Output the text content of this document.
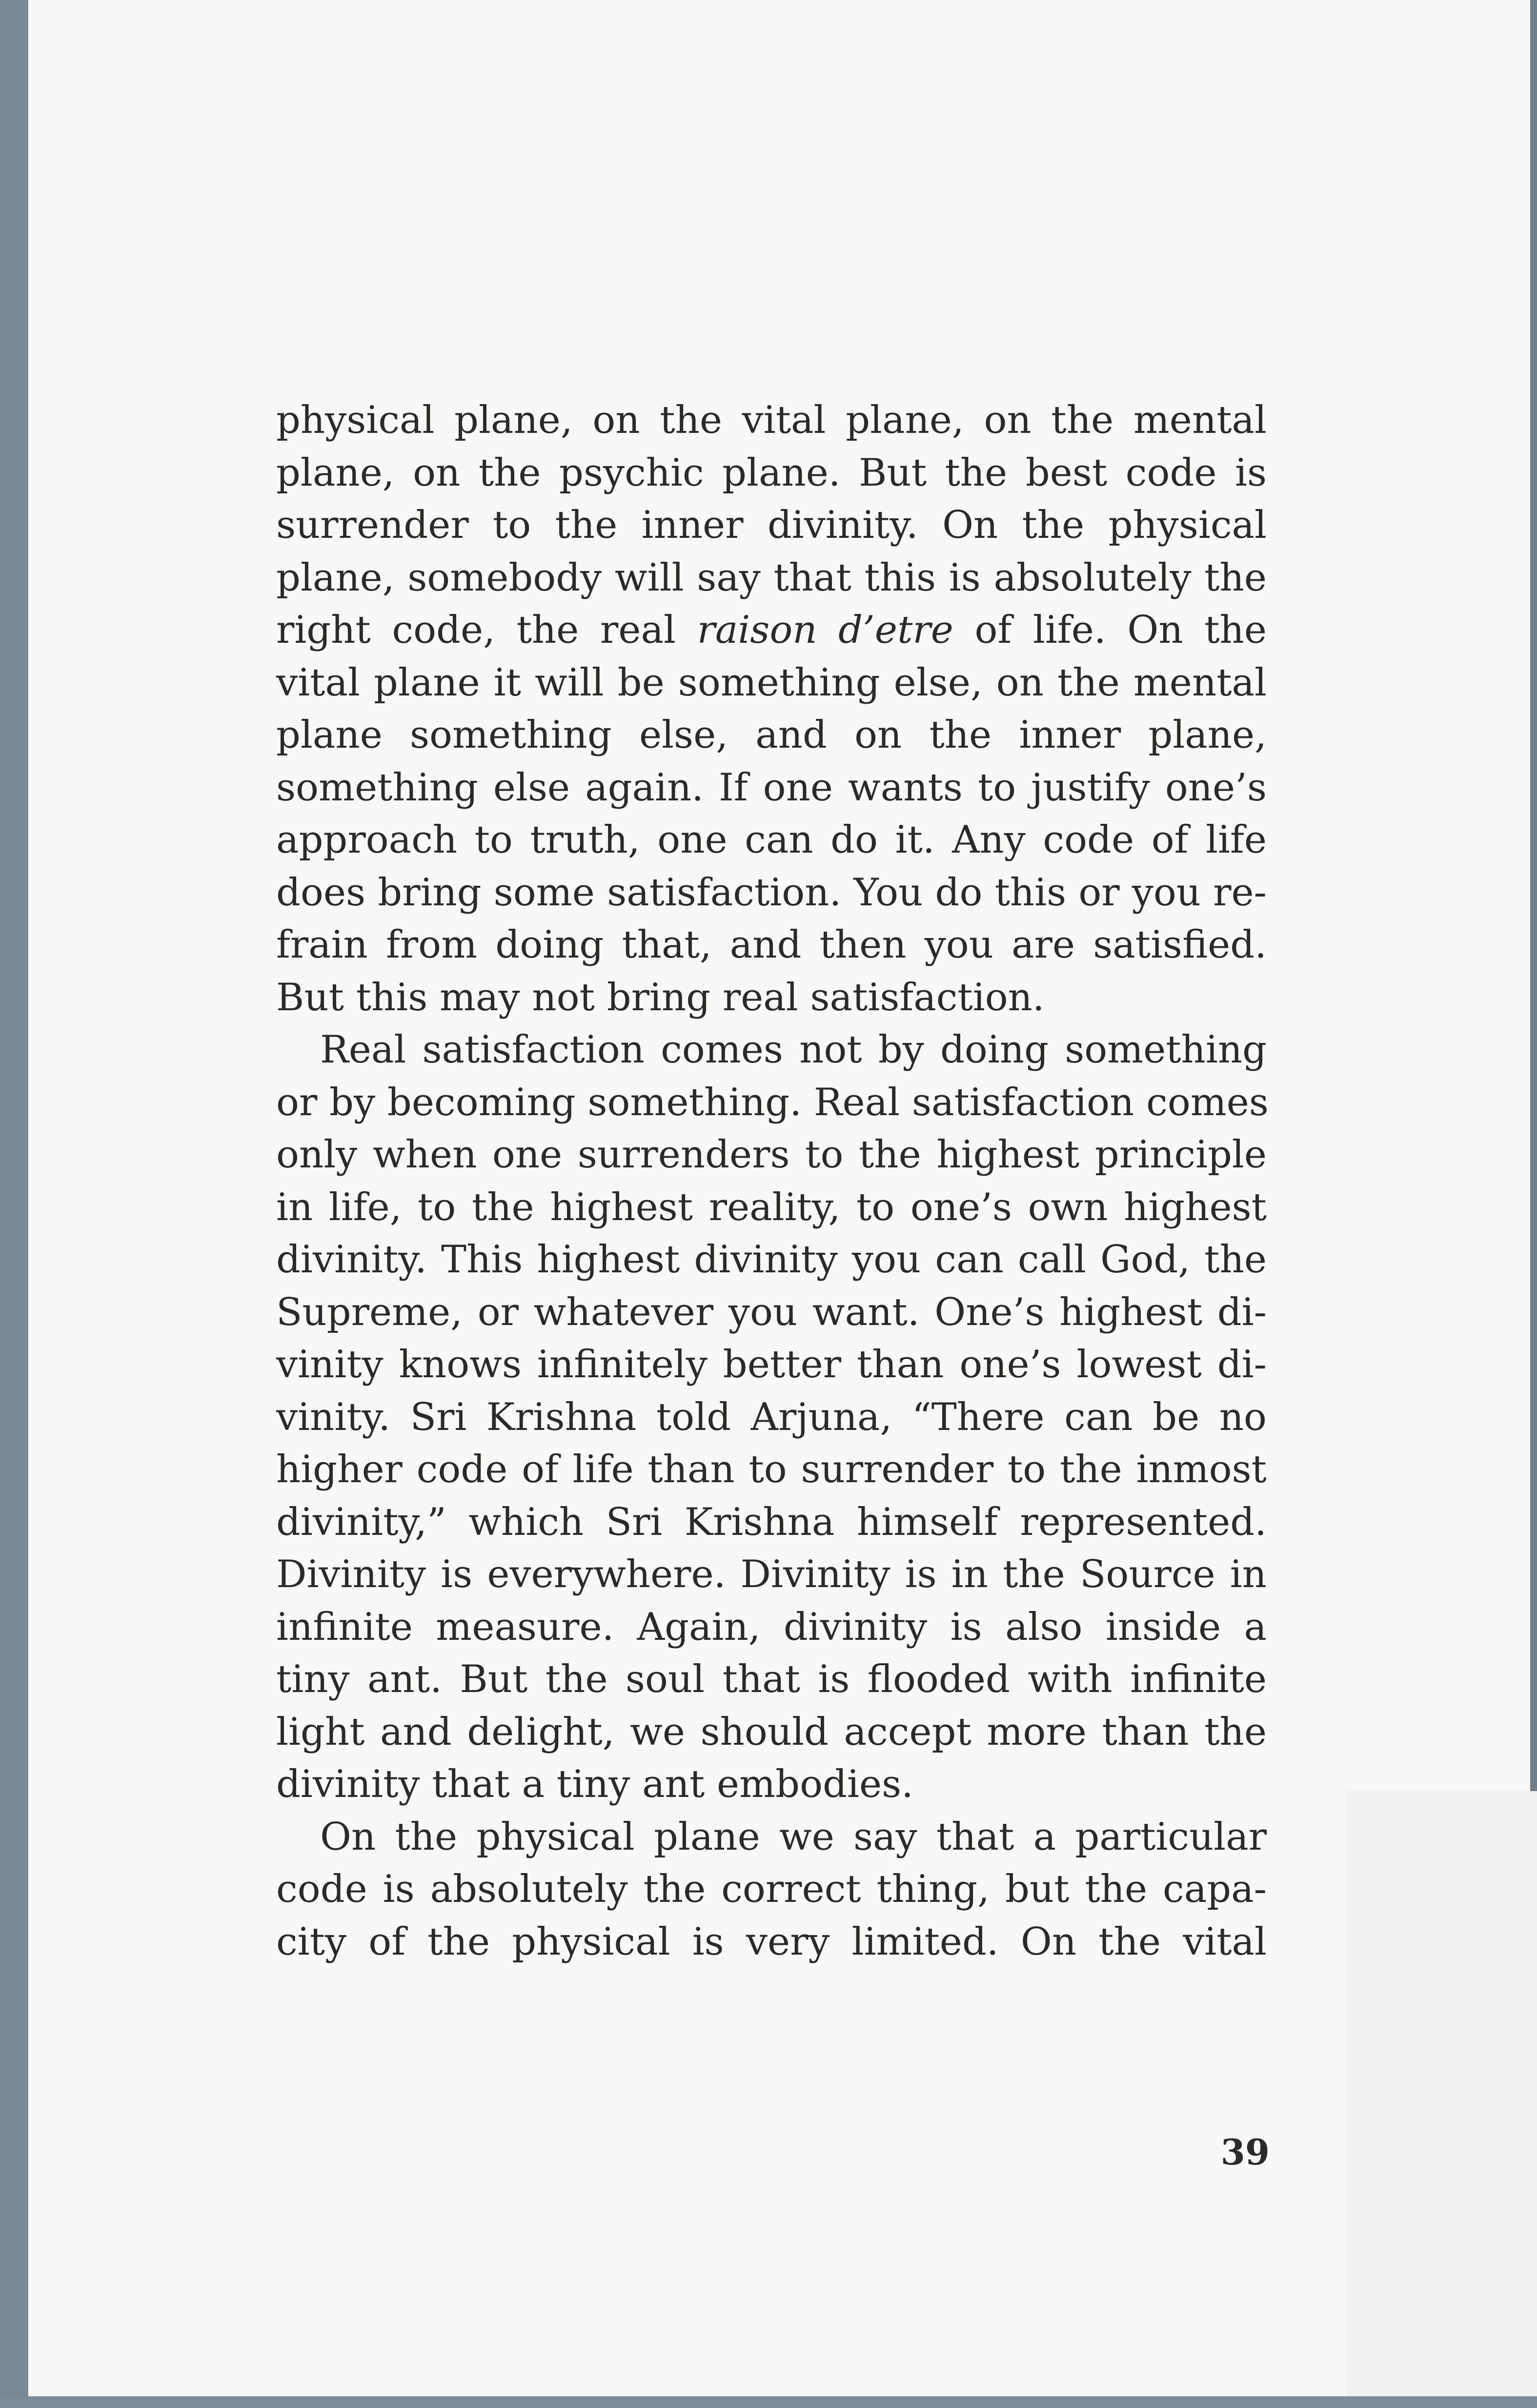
physical plane, on the vital plane, on the mental
plane, on the psychic plane. But the best code is
surrender to the inner divinity. On the physical
plane, somebody will say that this is absolutely the
right code, the real raison d’etre of life. On the
vital plane it will be something else, on the mental
plane something else, and on the inner plane,
something else again. If one wants to justify one’s
approach to truth, one can do it. Any code of life
does bring some satisfaction. You do this or you re-
frain from doing that, and then you are satisfied.
But this may not bring real satisfaction.
Real satisfaction comes not by doing something
or by becoming something. Real satisfaction comes
only when one surrenders to the highest principle
in life, to the highest reality, to one’s own highest
divinity. This highest divinity you can call God, the
Supreme, or whatever you want. One’s highest di-
vinity knows infinitely better than one’s lowest di-
vinity. Sri Krishna told Arjuna, “There can be no
higher code of life than to surrender to the inmost
divinity,” which Sri Krishna himself represented.
Divinity is everywhere. Divinity is in the Source in
infinite measure. Again, divinity is also inside a
tiny ant. But the soul that is flooded with infinite
light and delight, we should accept more than the
divinity that a tiny ant embodies.
On the physical plane we say that a particular
code is absolutely the correct thing, but the capa-
city of the physical is very limited. On the vital
39
